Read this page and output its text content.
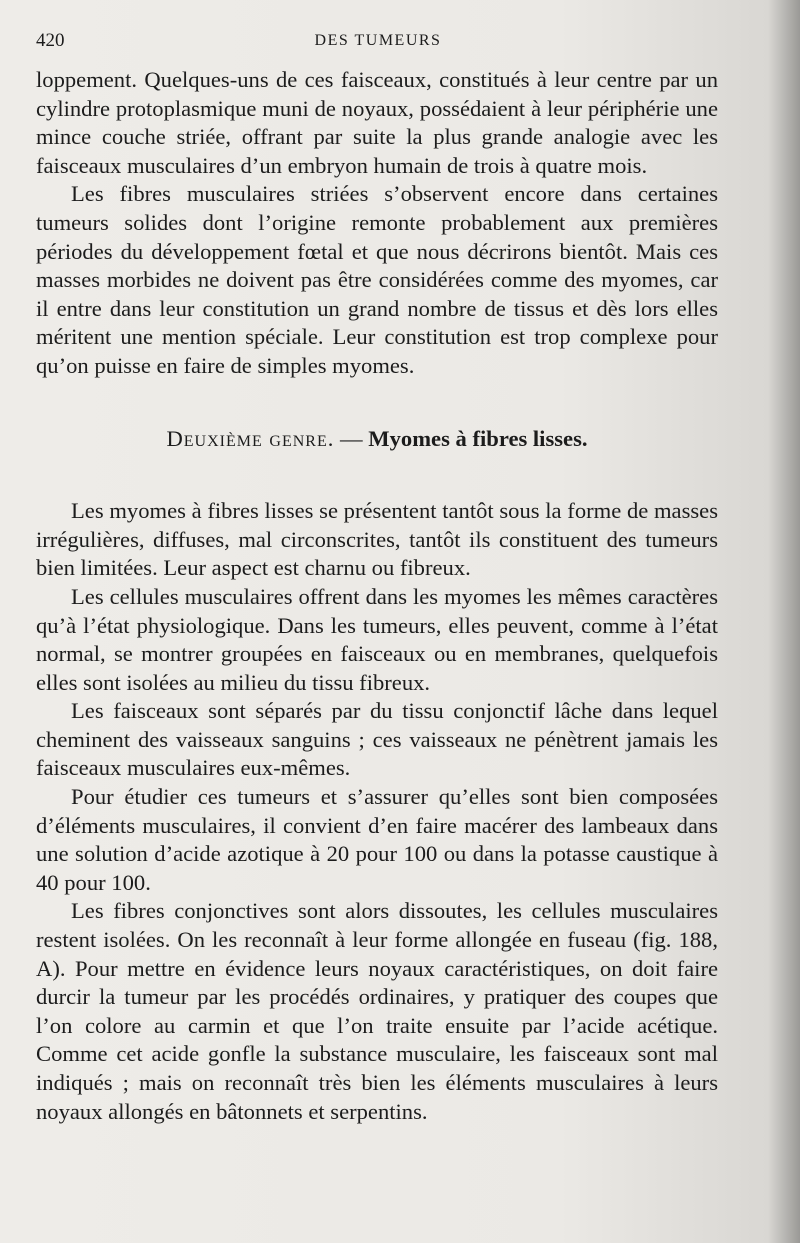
420	DES TUMEURS

loppement. Quelques-uns de ces faisceaux, constitués à leur centre par un cylindre protoplasmique muni de noyaux, possédaient à leur périphérie une mince couche striée, offrant par suite la plus grande analogie avec les faisceaux musculaires d’un embryon humain de trois à quatre mois.

Les fibres musculaires striées s’observent encore dans certaines tumeurs solides dont l’origine remonte probablement aux premières périodes du développement fœtal et que nous décrirons bientôt. Mais ces masses morbides ne doivent pas être considérées comme des myomes, car il entre dans leur constitution un grand nombre de tissus et dès lors elles méritent une mention spéciale. Leur constitution est trop complexe pour qu’on puisse en faire de simples myomes.

Deuxième genre. — Myomes à fibres lisses.

Les myomes à fibres lisses se présentent tantôt sous la forme de masses irrégulières, diffuses, mal circonscrites, tantôt ils constituent des tumeurs bien limitées. Leur aspect est charnu ou fibreux.

Les cellules musculaires offrent dans les myomes les mêmes caractères qu’à l’état physiologique. Dans les tumeurs, elles peuvent, comme à l’état normal, se montrer groupées en faisceaux ou en membranes, quelquefois elles sont isolées au milieu du tissu fibreux.

Les faisceaux sont séparés par du tissu conjonctif lâche dans lequel cheminent des vaisseaux sanguins ; ces vaisseaux ne pénètrent jamais les faisceaux musculaires eux-mêmes.

Pour étudier ces tumeurs et s’assurer qu’elles sont bien composées d’éléments musculaires, il convient d’en faire macérer des lambeaux dans une solution d’acide azotique à 20 pour 100 ou dans la potasse caustique à 40 pour 100.

Les fibres conjonctives sont alors dissoutes, les cellules musculaires restent isolées. On les reconnaît à leur forme allongée en fuseau (fig. 188, A). Pour mettre en évidence leurs noyaux caractéristiques, on doit faire durcir la tumeur par les procédés ordinaires, y pratiquer des coupes que l’on colore au carmin et que l’on traite ensuite par l’acide acétique. Comme cet acide gonfle la substance musculaire, les faisceaux sont mal indiqués ; mais on reconnaît très bien les éléments musculaires à leurs noyaux allongés en bâtonnets et serpentins.
